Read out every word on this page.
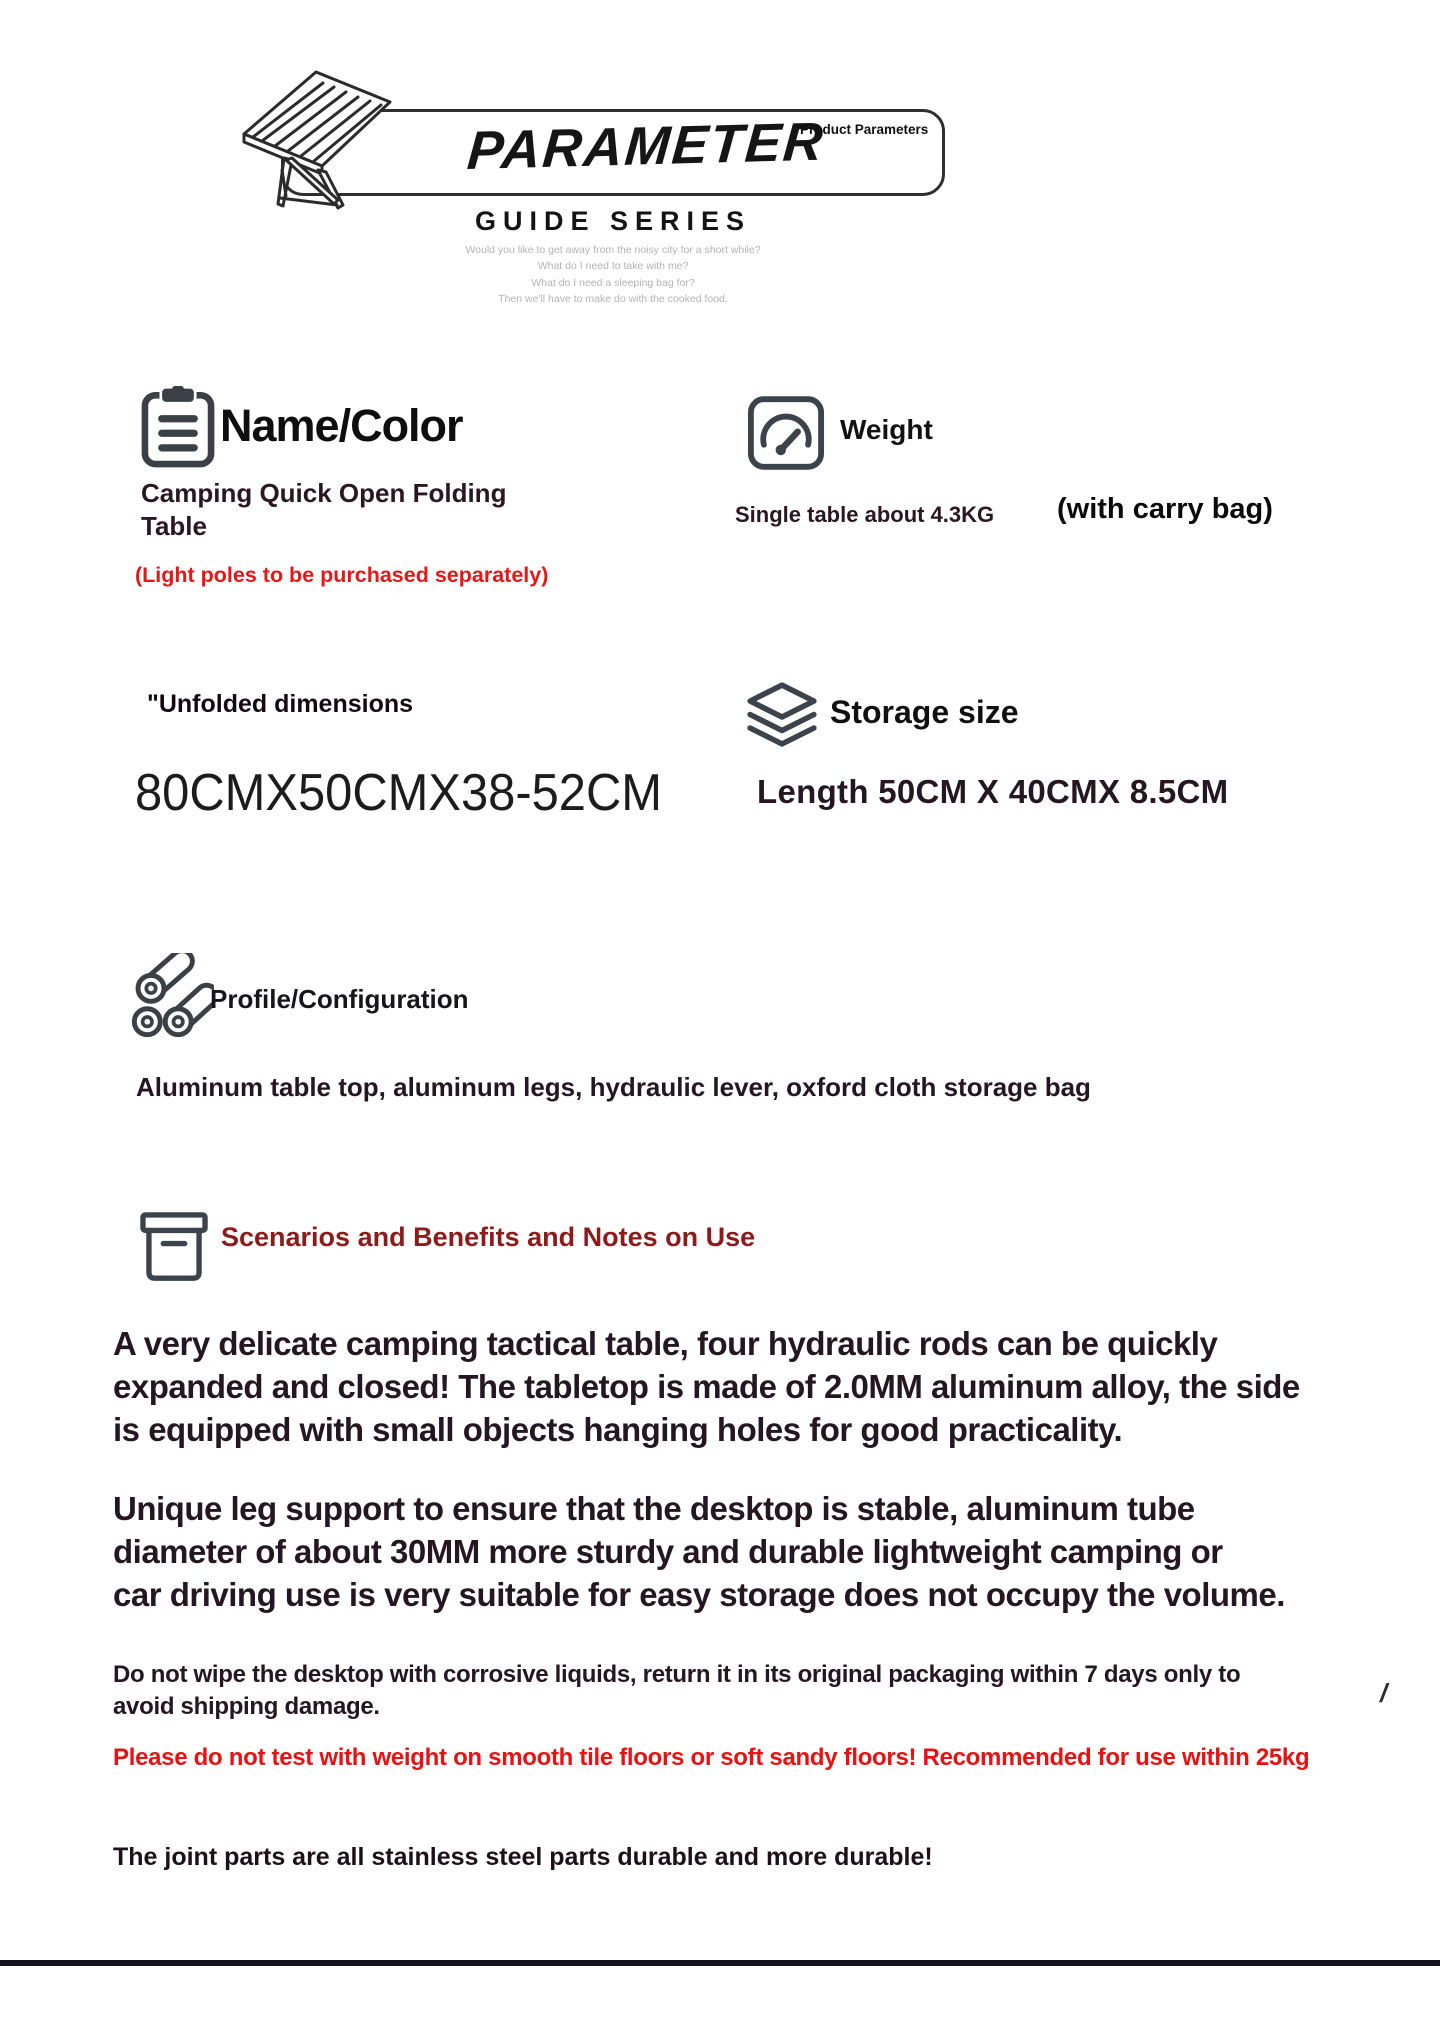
PARAMETER
Product Parameters
GUIDE SERIES
Would you like to get away from the noisy city for a short while?
What do I need to take with me?
What do I need a sleeping bag for?
Then we'll have to make do with the cooked food.
Name/Color
Camping Quick Open Folding Table
(Light poles to be purchased separately)
Weight
Single table about 4.3KG (with carry bag)
"Unfolded dimensions
80CMX50CMX38-52CM
Storage size
Length 50CM X 40CMX 8.5CM
Profile/Configuration
Aluminum table top, aluminum legs, hydraulic lever, oxford cloth storage bag
Scenarios and Benefits and Notes on Use
A very delicate camping tactical table, four hydraulic rods can be quickly
expanded and closed! The tabletop is made of 2.0MM aluminum alloy, the side
is equipped with small objects hanging holes for good practicality.
Unique leg support to ensure that the desktop is stable, aluminum tube
diameter of about 30MM more sturdy and durable lightweight camping or
car driving use is very suitable for easy storage does not occupy the volume.
Do not wipe the desktop with corrosive liquids, return it in its original packaging within 7 days only to
avoid shipping damage.	/
Please do not test with weight on smooth tile floors or soft sandy floors! Recommended for use within 25kg
The joint parts are all stainless steel parts durable and more durable!
